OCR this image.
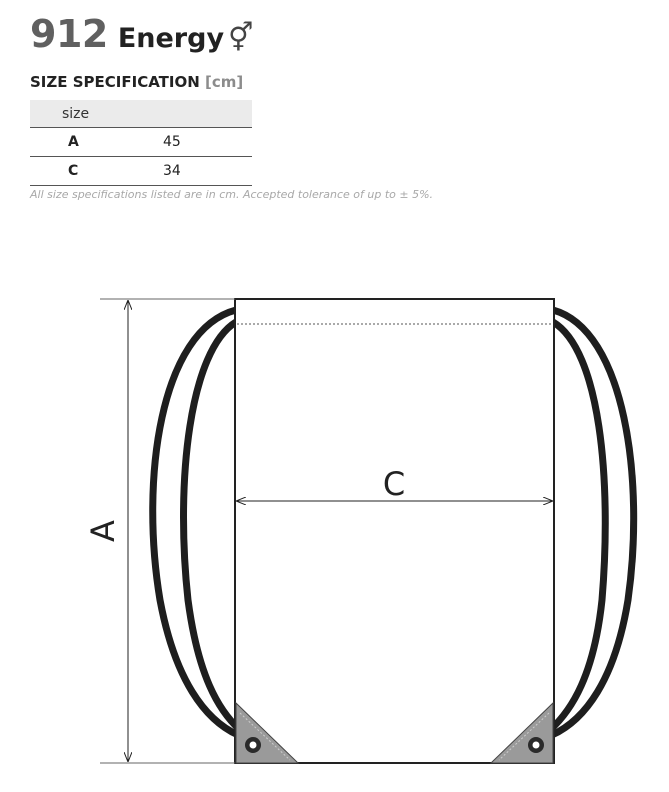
912 Energy ⚥
SIZE SPECIFICATION [cm]
size	
A	45
C	34
All size specifications listed are in cm. Accepted tolerance of up to ± 5%.
A
C
